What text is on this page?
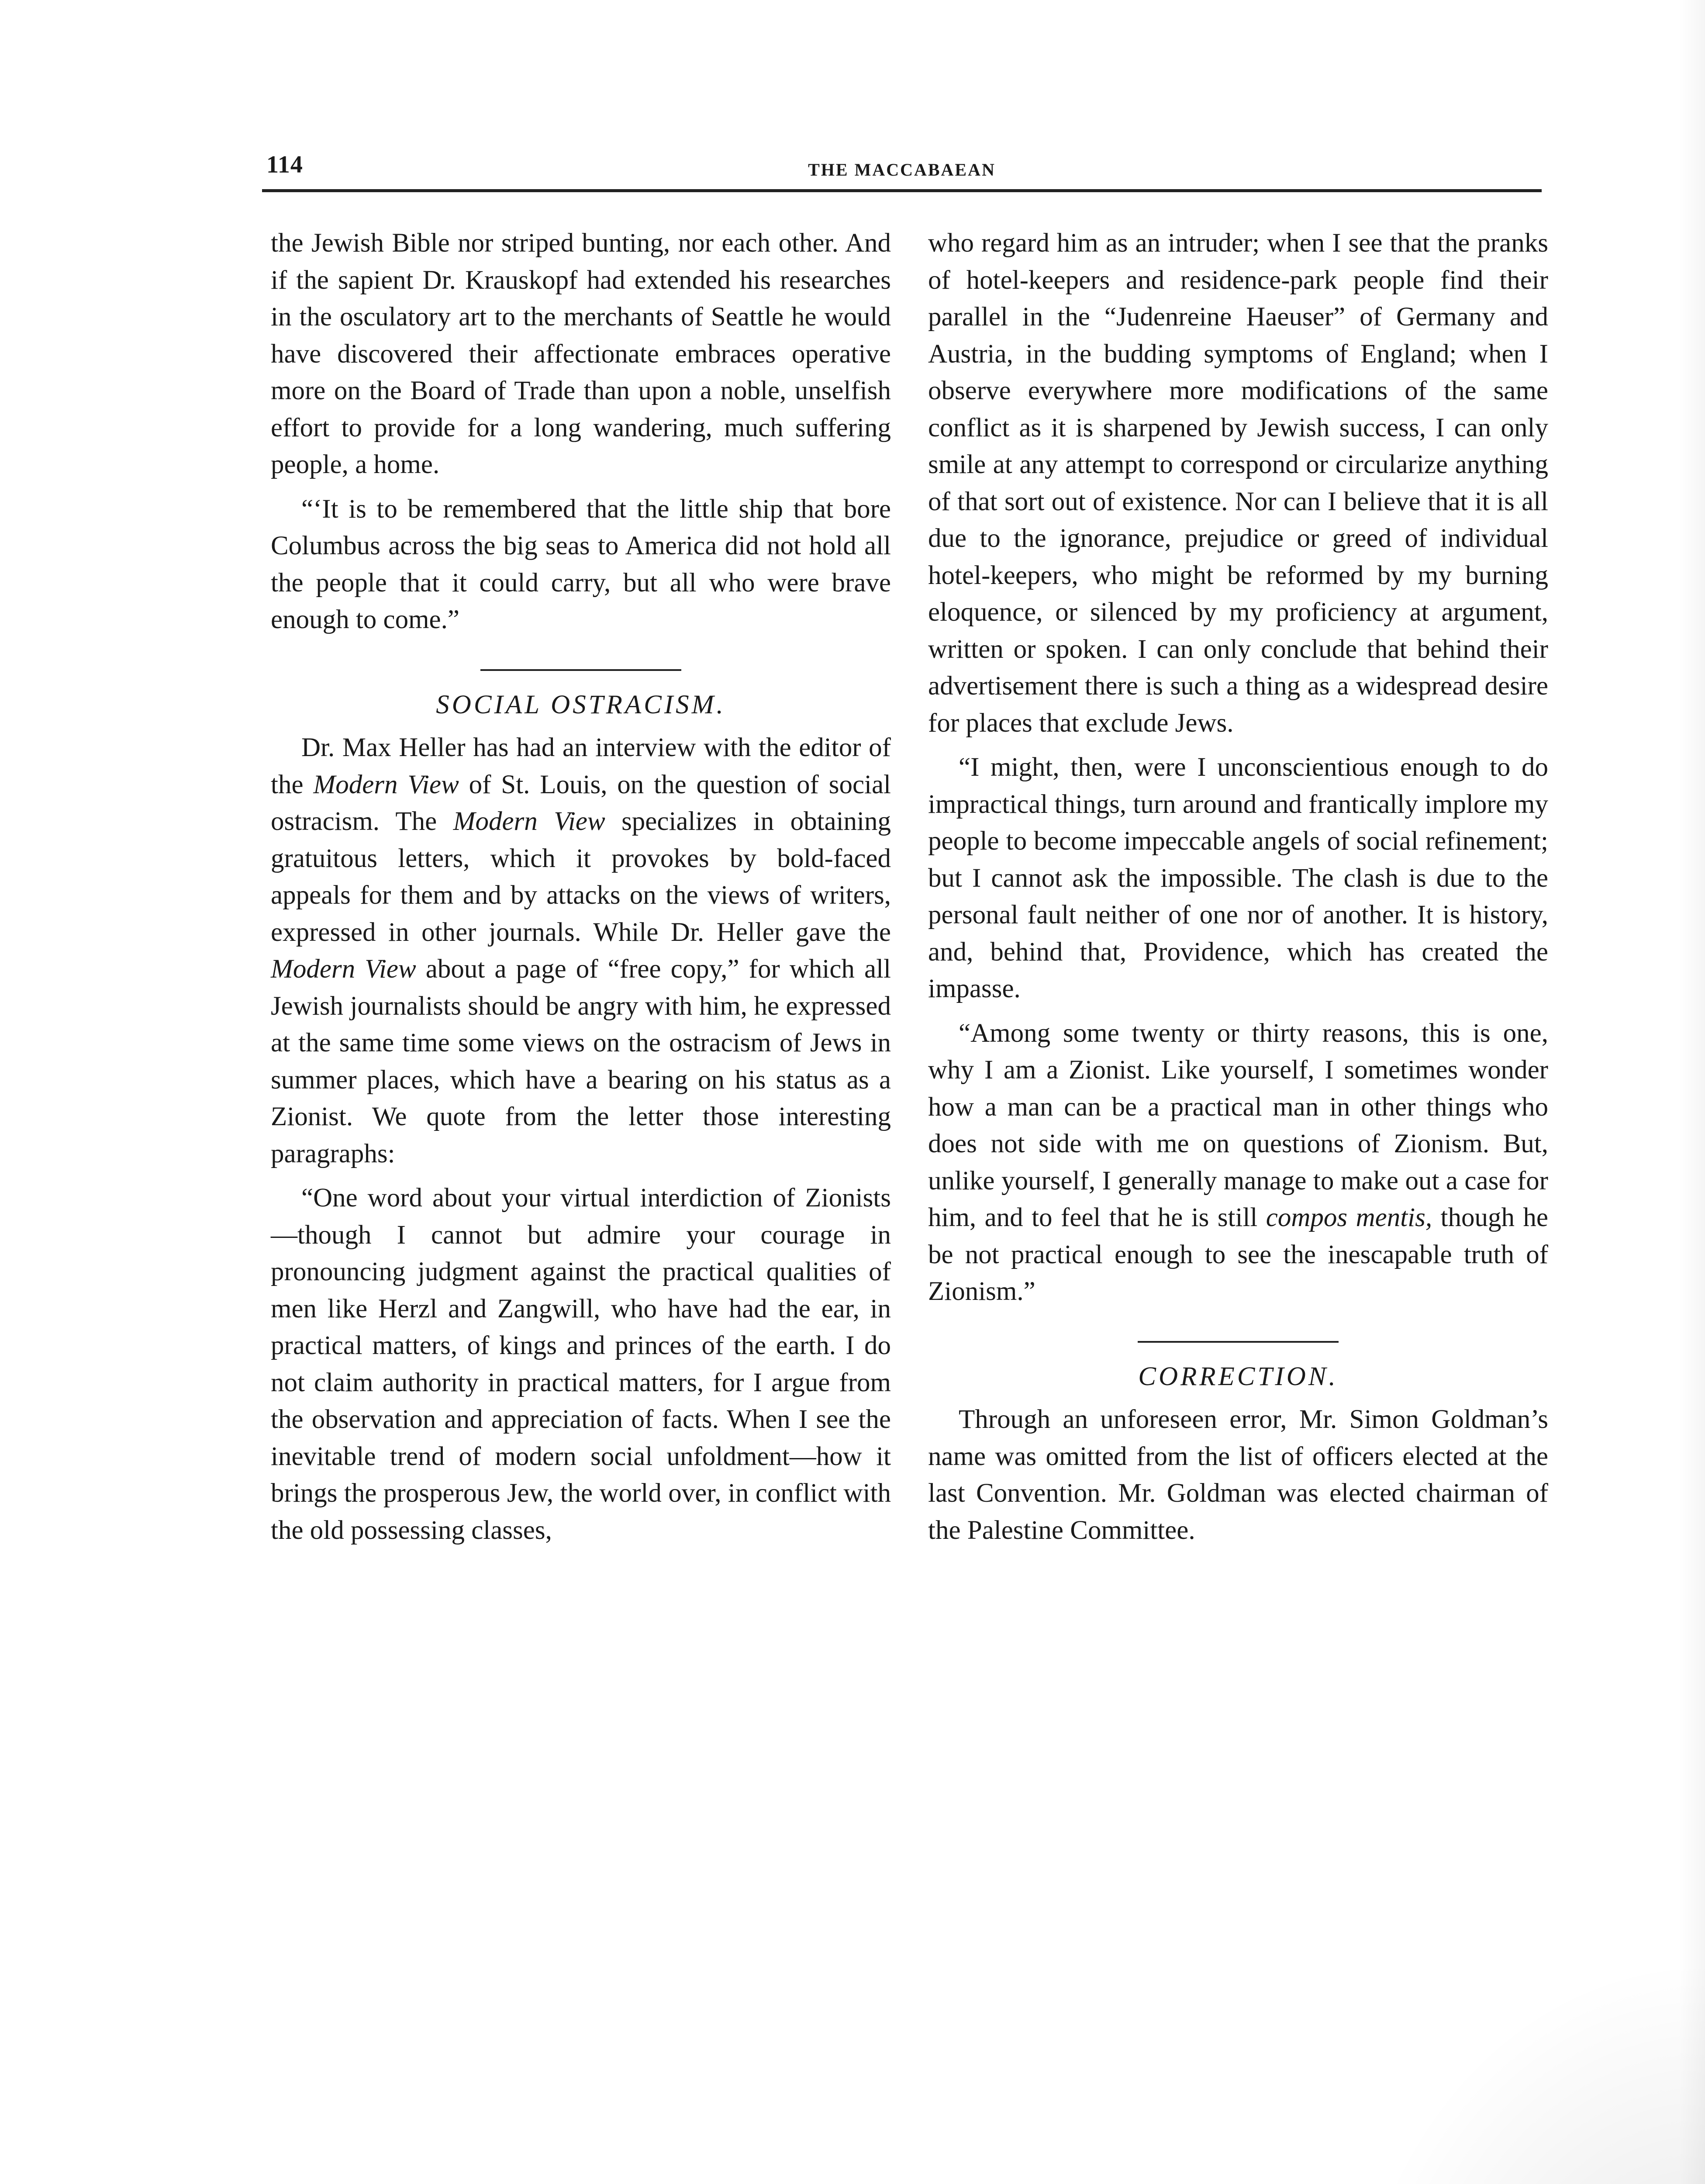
114	THE MACCABAEAN

the Jewish Bible nor striped bunting, nor each other. And if the sapient Dr. Krauskopf had extended his researches in the osculatory art to the merchants of Seattle he would have discovered their affectionate embraces operative more on the Board of Trade than upon a noble, unselfish effort to provide for a long wandering, much suffering people, a home.

“‘It is to be remembered that the little ship that bore Columbus across the big seas to America did not hold all the people that it could carry, but all who were brave enough to come.”

SOCIAL OSTRACISM.

Dr. Max Heller has had an interview with the editor of the Modern View of St. Louis, on the question of social ostracism. The Modern View specializes in obtaining gratuitous letters, which it provokes by bold-faced appeals for them and by attacks on the views of writers, expressed in other journals. While Dr. Heller gave the Modern View about a page of “free copy,” for which all Jewish journalists should be angry with him, he expressed at the same time some views on the ostracism of Jews in summer places, which have a bearing on his status as a Zionist. We quote from the letter those interesting paragraphs:

“One word about your virtual interdiction of Zionists—though I cannot but admire your courage in pronouncing judgment against the practical qualities of men like Herzl and Zangwill, who have had the ear, in practical matters, of kings and princes of the earth. I do not claim authority in practical matters, for I argue from the observation and appreciation of facts. When I see the inevitable trend of modern social unfoldment—how it brings the prosperous Jew, the world over, in conflict with the old possessing classes,

who regard him as an intruder; when I see that the pranks of hotel-keepers and residence-park people find their parallel in the “Judenreine Haeuser” of Germany and Austria, in the budding symptoms of England; when I observe everywhere more modifications of the same conflict as it is sharpened by Jewish success, I can only smile at any attempt to correspond or circularize anything of that sort out of existence. Nor can I believe that it is all due to the ignorance, prejudice or greed of individual hotel-keepers, who might be reformed by my burning eloquence, or silenced by my proficiency at argument, written or spoken. I can only conclude that behind their advertisement there is such a thing as a widespread desire for places that exclude Jews.

“I might, then, were I unconscientious enough to do impractical things, turn around and frantically implore my people to become impeccable angels of social refinement; but I cannot ask the impossible. The clash is due to the personal fault neither of one nor of another. It is history, and, behind that, Providence, which has created the impasse.

“Among some twenty or thirty reasons, this is one, why I am a Zionist. Like yourself, I sometimes wonder how a man can be a practical man in other things who does not side with me on questions of Zionism. But, unlike yourself, I generally manage to make out a case for him, and to feel that he is still compos mentis, though he be not practical enough to see the inescapable truth of Zionism.”

CORRECTION.

Through an unforeseen error, Mr. Simon Goldman’s name was omitted from the list of officers elected at the last Convention. Mr. Goldman was elected chairman of the Palestine Committee.
